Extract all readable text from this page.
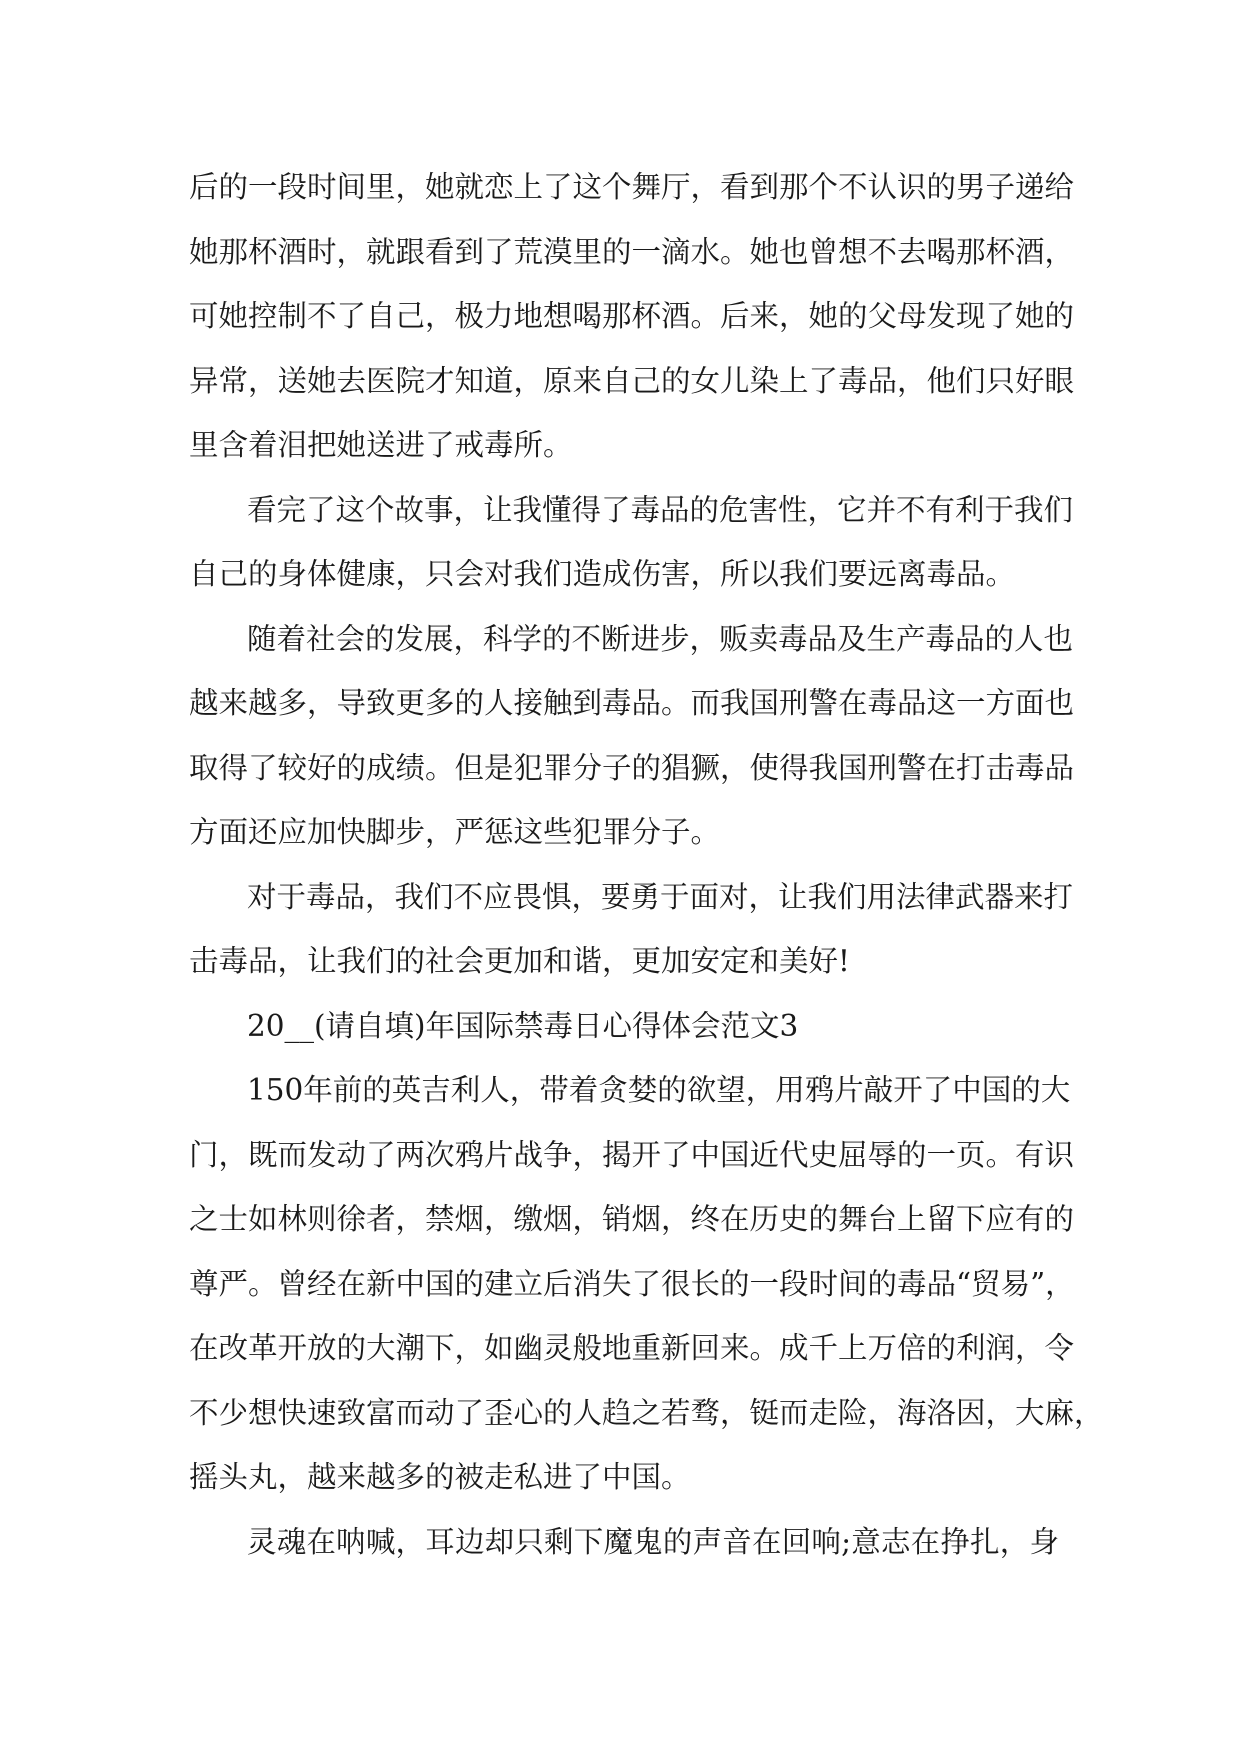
后的一段时间里，她就恋上了这个舞厅，看到那个不认识的男子递给
她那杯酒时，就跟看到了荒漠里的一滴水。她也曾想不去喝那杯酒，
可她控制不了自己，极力地想喝那杯酒。后来，她的父母发现了她的
异常，送她去医院才知道，原来自己的女儿染上了毒品，他们只好眼
里含着泪把她送进了戒毒所。
看完了这个故事，让我懂得了毒品的危害性，它并不有利于我们
自己的身体健康，只会对我们造成伤害，所以我们要远离毒品。
随着社会的发展，科学的不断进步，贩卖毒品及生产毒品的人也
越来越多，导致更多的人接触到毒品。而我国刑警在毒品这一方面也
取得了较好的成绩。但是犯罪分子的猖獗，使得我国刑警在打击毒品
方面还应加快脚步，严惩这些犯罪分子。
对于毒品，我们不应畏惧，要勇于面对，让我们用法律武器来打
击毒品，让我们的社会更加和谐，更加安定和美好!
20__(请自填)年国际禁毒日心得体会范文3
150年前的英吉利人，带着贪婪的欲望，用鸦片敲开了中国的大
门，既而发动了两次鸦片战争，揭开了中国近代史屈辱的一页。有识
之士如林则徐者，禁烟，缴烟，销烟，终在历史的舞台上留下应有的
尊严。曾经在新中国的建立后消失了很长的一段时间的毒品“贸易”，
在改革开放的大潮下，如幽灵般地重新回来。成千上万倍的利润，令
不少想快速致富而动了歪心的人趋之若骛，铤而走险，海洛因，大麻，
摇头丸，越来越多的被走私进了中国。
灵魂在呐喊，耳边却只剩下魔鬼的声音在回响;意志在挣扎，身
